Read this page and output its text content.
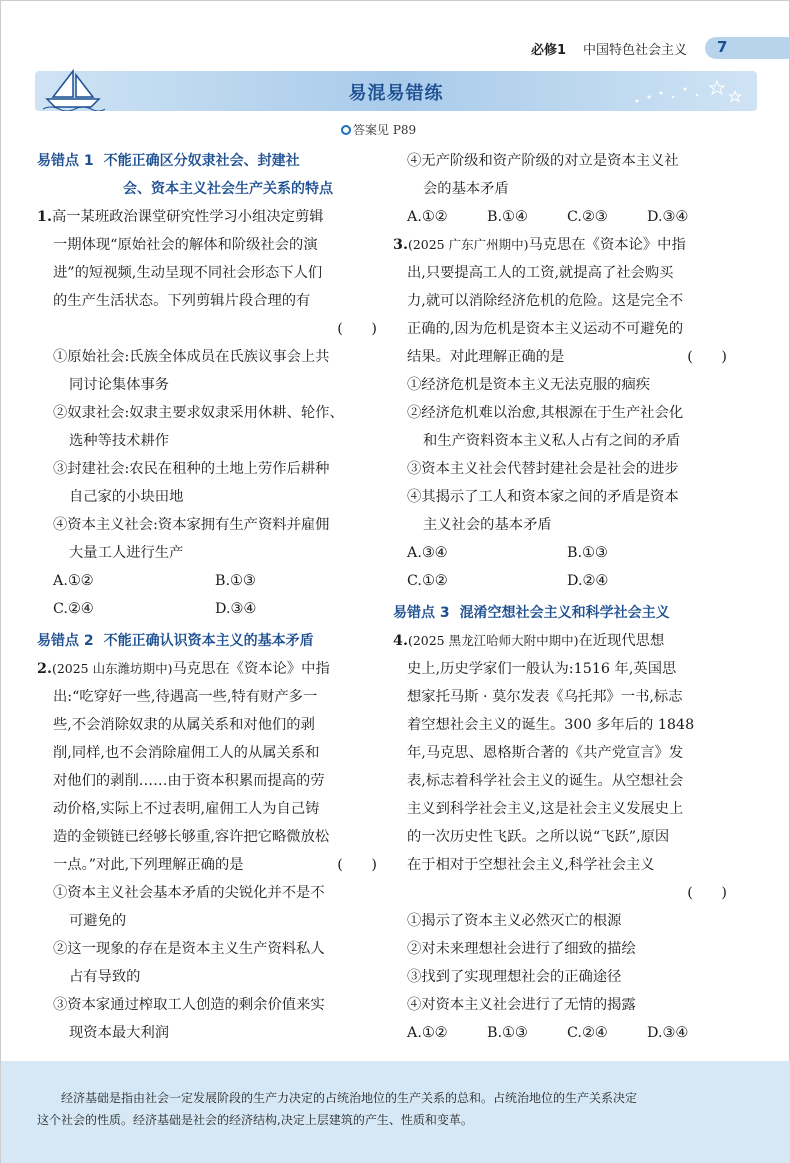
必修1 中国特色社会主义 7
易混易错练
答案见 P89

易错点 1 不能正确区分奴隶社会、封建社

会、资本主义社会生产关系的特点

1.高一某班政治课堂研究性学习小组决定剪辑

一期体现“原始社会的解体和阶级社会的演

进”的短视频,生动呈现不同社会形态下人们

的生产生活状态。下列剪辑片段合理的有

(　　)

①原始社会:氏族全体成员在氏族议事会上共

同讨论集体事务

②奴隶社会:奴隶主要求奴隶采用休耕、轮作、

选种等技术耕作

③封建社会:农民在租种的土地上劳作后耕种

自己家的小块田地

④资本主义社会:资本家拥有生产资料并雇佣

大量工人进行生产

A.①②	B.①③

C.②④	D.③④

易错点 2 不能正确认识资本主义的基本矛盾

2.(2025 山东潍坊期中)马克思在《资本论》中指

出:“吃穿好一些,待遇高一些,特有财产多一

些,不会消除奴隶的从属关系和对他们的剥

削,同样,也不会消除雇佣工人的从属关系和

对他们的剥削……由于资本积累而提高的劳

动价格,实际上不过表明,雇佣工人为自己铸

造的金锁链已经够长够重,容许把它略微放松

一点。”对此,下列理解正确的是	(　　)

①资本主义社会基本矛盾的尖锐化并不是不

可避免的

②这一现象的存在是资本主义生产资料私人

占有导致的

③资本家通过榨取工人创造的剩余价值来实

现资本最大利润

④无产阶级和资产阶级的对立是资本主义社

会的基本矛盾

A.①②	B.①④	C.②③	D.③④

3.(2025 广东广州期中)马克思在《资本论》中指

出,只要提高工人的工资,就提高了社会购买

力,就可以消除经济危机的危险。这是完全不

正确的,因为危机是资本主义运动不可避免的

结果。对此理解正确的是	(　　)

①经济危机是资本主义无法克服的痼疾

②经济危机难以治愈,其根源在于生产社会化

和生产资料资本主义私人占有之间的矛盾

③资本主义社会代替封建社会是社会的进步

④其揭示了工人和资本家之间的矛盾是资本

主义社会的基本矛盾

A.③④	B.①③

C.①②	D.②④

易错点 3 混淆空想社会主义和科学社会主义

4.(2025 黑龙江哈师大附中期中)在近现代思想

史上,历史学家们一般认为:1516 年,英国思

想家托马斯 · 莫尔发表《乌托邦》一书,标志

着空想社会主义的诞生。300 多年后的 1848

年,马克思、恩格斯合著的《共产党宣言》发

表,标志着科学社会主义的诞生。从空想社会

主义到科学社会主义,这是社会主义发展史上

的一次历史性飞跃。之所以说“飞跃”,原因

在于相对于空想社会主义,科学社会主义

(　　)

①揭示了资本主义必然灭亡的根源

②对未来理想社会进行了细致的描绘

③找到了实现理想社会的正确途径

④对资本主义社会进行了无情的揭露

A.①②	B.①③	C.②④	D.③④

经济基础是指由社会一定发展阶段的生产力决定的占统治地位的生产关系的总和。占统治地位的生产关系决定

这个社会的性质。经济基础是社会的经济结构,决定上层建筑的产生、性质和变革。
